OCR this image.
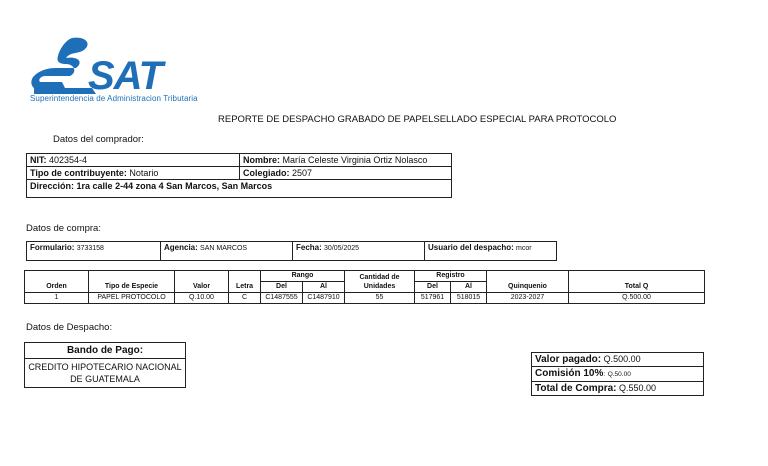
SAT
Superintendencia de Administracion Tributaria
REPORTE DE DESPACHO GRABADO DE PAPELSELLADO ESPECIAL PARA PROTOCOLO
Datos del comprador:
NIT: 402354-4	Nombre: María Celeste Virginia Ortiz Nolasco
Tipo de contribuyente: Notario	Colegiado: 2507
Dirección: 1ra calle 2-44 zona 4 San Marcos, San Marcos	
Datos de compra:
Formulario: 3733158	Agencia: SAN MARCOS	Fecha: 30/05/2025	Usuario del despacho: mcor
				Rango		Cantidad de Unidades	Registro			
Orden	Tipo de Especie	Valor	Letra	Del	Al		Del	Al	Quinquenio	Total Q
1	PAPEL PROTOCOLO	Q.10.00	C	C1487555	C1487910	55	517961	518015	2023-2027	Q.500.00
Datos de Despacho:
Bando de Pago:
CREDITO HIPOTECARIO NACIONAL DE GUATEMALA
Valor pagado: Q.500.00
Comisión 10%: Q.50.00
Total de Compra: Q.550.00
